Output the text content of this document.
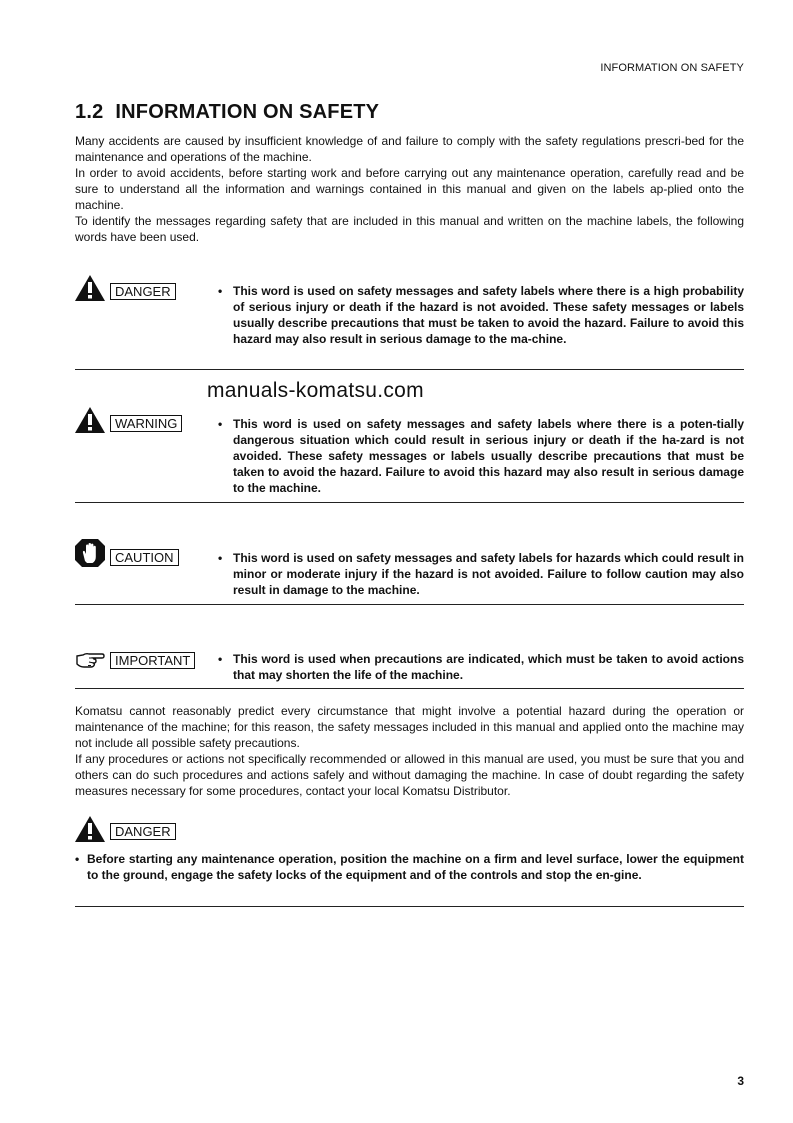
INFORMATION ON SAFETY
1.2 INFORMATION ON SAFETY

Many accidents are caused by insufficient knowledge of and failure to comply with the safety regulations prescri-bed for the maintenance and operations of the machine.

In order to avoid accidents, before starting work and before carrying out any maintenance operation, carefully read and be sure to understand all the information and warnings contained in this manual and given on the labels ap-plied onto the machine.

To identify the messages regarding safety that are included in this manual and written on the machine labels, the following words have been used.

DANGER	• This word is used on safety messages and safety labels where there is a high probability of serious injury or death if the hazard is not avoided. These safety messages or labels usually describe precautions that must be taken to avoid the hazard. Failure to avoid this hazard may also result in serious damage to the ma-chine.
manuals-komatsu.com
WARNING	• This word is used on safety messages and safety labels where there is a poten-tially dangerous situation which could result in serious injury or death if the ha-zard is not avoided. These safety messages or labels usually describe precautions that must be taken to avoid the hazard. Failure to avoid this hazard may also result in serious damage to the machine.
CAUTION	• This word is used on safety messages and safety labels for hazards which could result in minor or moderate injury if the hazard is not avoided. Failure to follow caution may also result in damage to the machine.
IMPORTANT	• This word is used when precautions are indicated, which must be taken to avoid actions that may shorten the life of the machine.

Komatsu cannot reasonably predict every circumstance that might involve a potential hazard during the operation or maintenance of the machine; for this reason, the safety messages included in this manual and applied onto the machine may not include all possible safety precautions.

If any procedures or actions not specifically recommended or allowed in this manual are used, you must be sure that you and others can do such procedures and actions safely and without damaging the machine. In case of doubt regarding the safety measures necessary for some procedures, contact your local Komatsu Distributor.

DANGER
• Before starting any maintenance operation, position the machine on a firm and level surface, lower the equipment to the ground, engage the safety locks of the equipment and of the controls and stop the en-gine.
3
